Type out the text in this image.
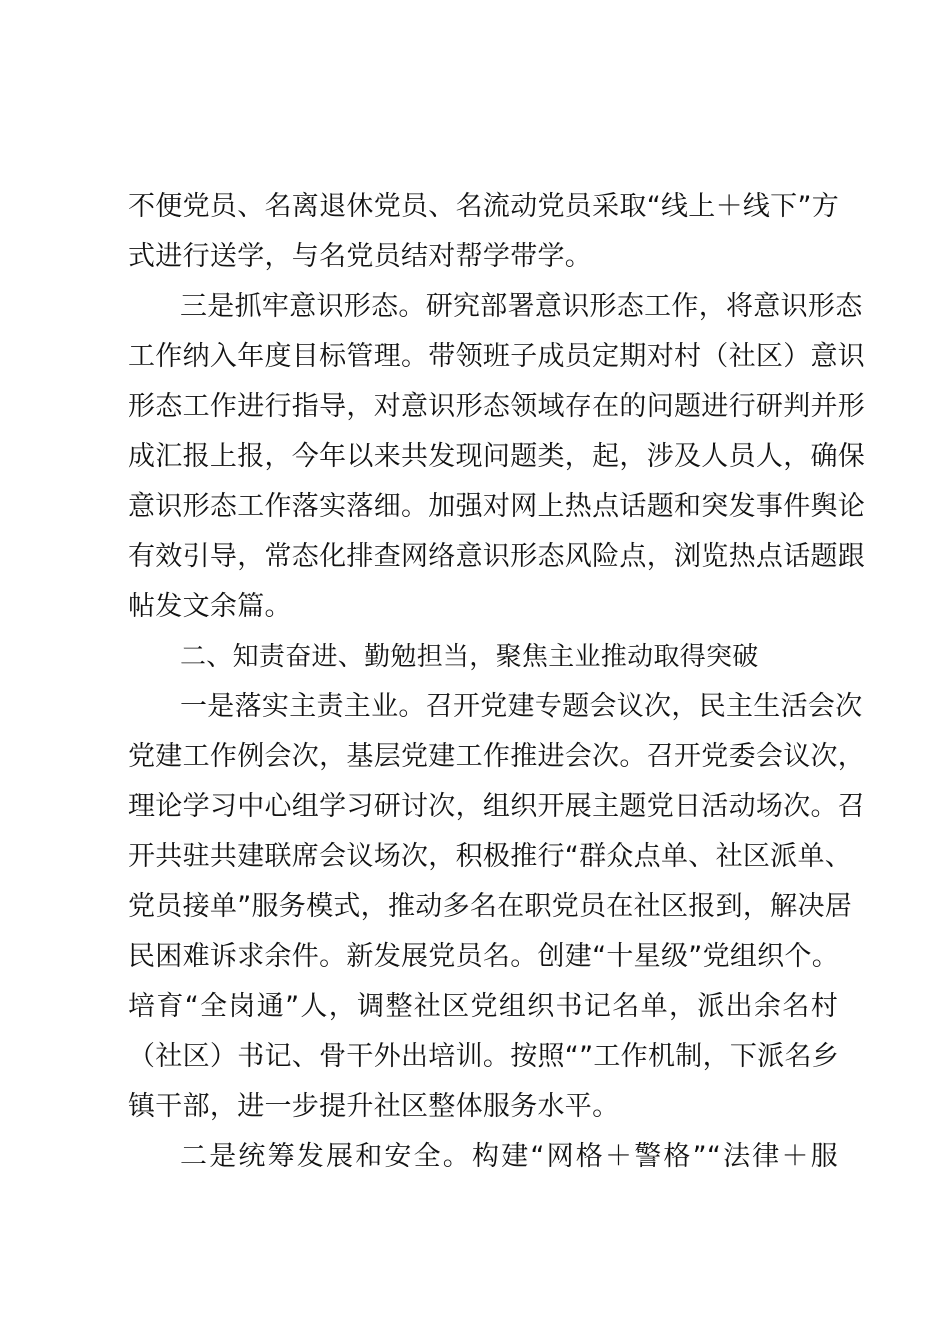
不便党员、名离退休党员、名流动党员采取“线上＋线下”方
式进行送学，与名党员结对帮学带学。
三是抓牢意识形态。研究部署意识形态工作，将意识形态
工作纳入年度目标管理。带领班子成员定期对村（社区）意识
形态工作进行指导，对意识形态领域存在的问题进行研判并形
成汇报上报，今年以来共发现问题类，起，涉及人员人，确保
意识形态工作落实落细。加强对网上热点话题和突发事件舆论
有效引导，常态化排查网络意识形态风险点，浏览热点话题跟
帖发文余篇。
二、知责奋进、勤勉担当，聚焦主业推动取得突破
一是落实主责主业。召开党建专题会议次，民主生活会次
党建工作例会次，基层党建工作推进会次。召开党委会议次，
理论学习中心组学习研讨次，组织开展主题党日活动场次。召
开共驻共建联席会议场次，积极推行“群众点单、社区派单、
党员接单”服务模式，推动多名在职党员在社区报到，解决居
民困难诉求余件。新发展党员名。创建“十星级”党组织个。
培育“全岗通”人，调整社区党组织书记名单，派出余名村
（社区）书记、骨干外出培训。按照“”工作机制，下派名乡
镇干部，进一步提升社区整体服务水平。
二是统筹发展和安全。构建“网格＋警格”“法律＋服
